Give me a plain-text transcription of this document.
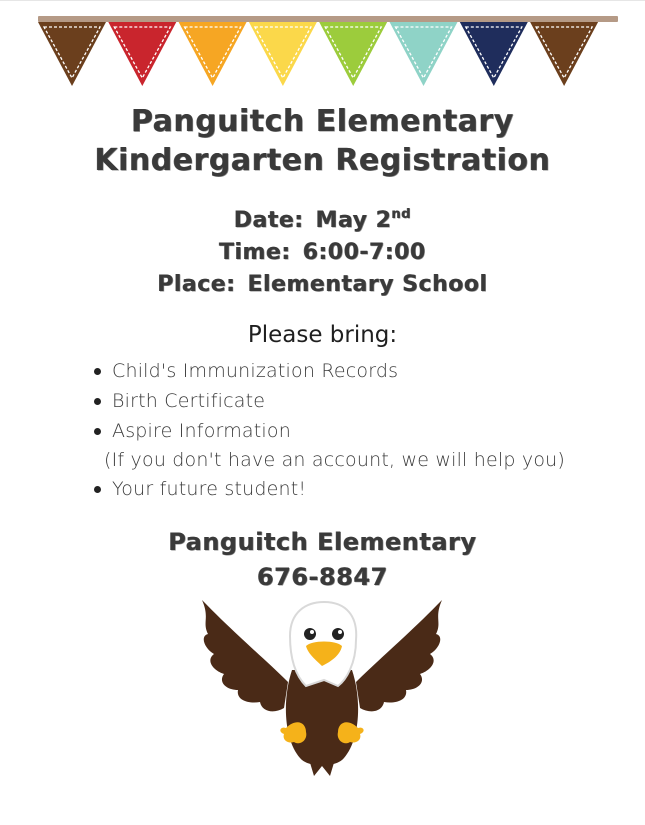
Panguitch Elementary
Kindergarten Registration
Date: May 2nd
Time: 6:00-7:00
Place: Elementary School
Please bring:
Child's Immunization Records
Birth Certificate
Aspire Information
(If you don't have an account, we will help you)
Your future student!
Panguitch Elementary
676-8847
